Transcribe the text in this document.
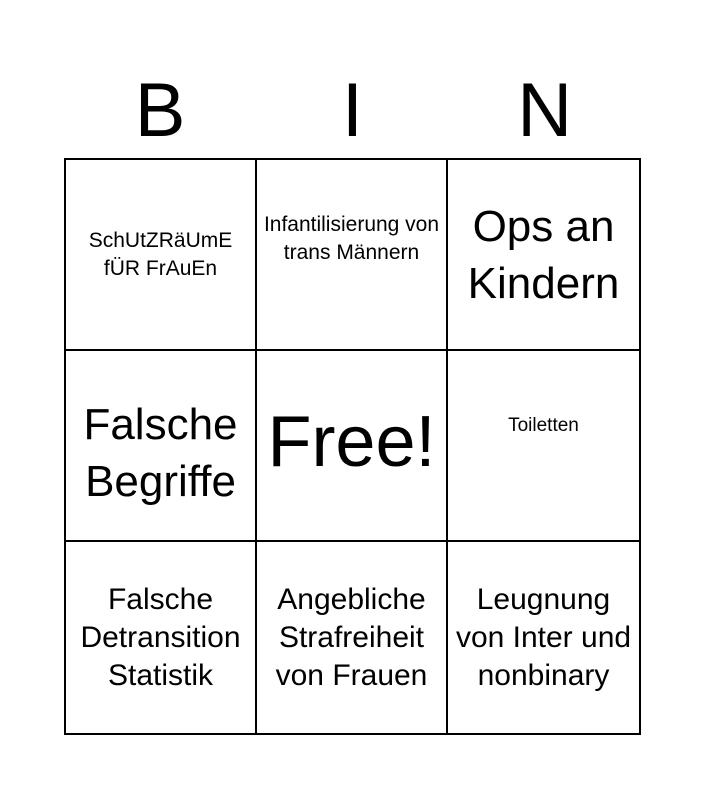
B	I	N
SchUtZRäUmE fÜR FrAuEn
Infantilisierung von trans Männern
Ops an Kindern
Falsche Begriffe Free!	Toiletten
Falsche Detransition Statistik
Angebliche Strafreiheit von Frauen
Leugnung von Inter und nonbinary
